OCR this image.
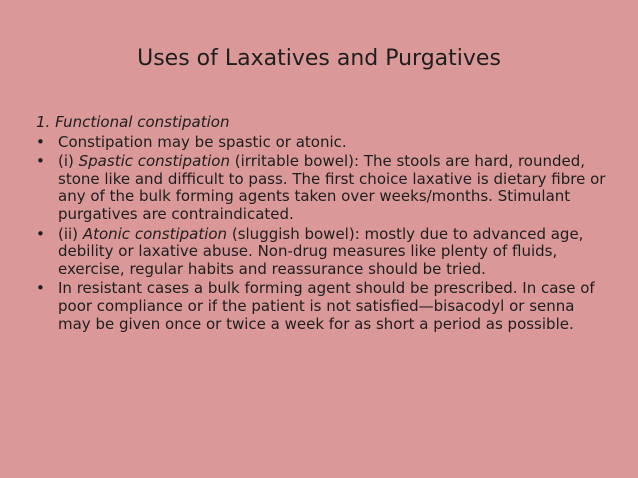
Uses of Laxatives and Purgatives
1. Functional constipation
• Constipation may be spastic or atonic.
• (i) Spastic constipation (irritable bowel): The stools are hard, rounded, stone like and difficult to pass. The first choice laxative is dietary fibre or any of the bulk forming agents taken over weeks/months. Stimulant purgatives are contraindicated.
• (ii) Atonic constipation (sluggish bowel): mostly due to advanced age, debility or laxative abuse. Non-drug measures like plenty of fluids, exercise, regular habits and reassurance should be tried.
• In resistant cases a bulk forming agent should be prescribed. In case of poor compliance or if the patient is not satisfied—bisacodyl or senna may be given once or twice a week for as short a period as possible.
